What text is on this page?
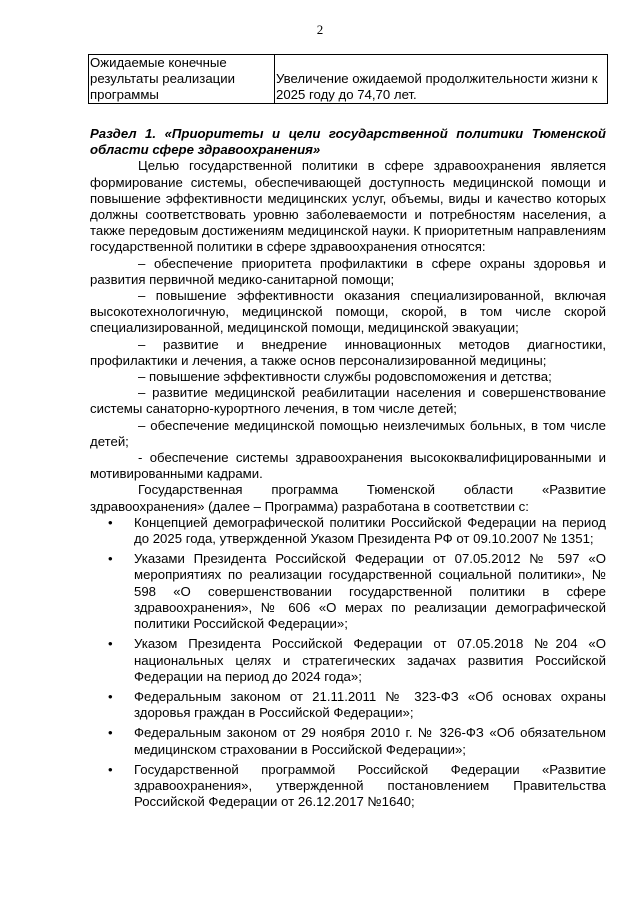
2
Ожидаемые конечные результаты реализации программы	Увеличение ожидаемой продолжительности жизни к 2025 году до 74,70 лет.

Раздел 1. «Приоритеты и цели государственной политики Тюменской области сфере здравоохранения»

Целью государственной политики в сфере здравоохранения является формирование системы, обеспечивающей доступность медицинской помощи и повышение эффективности медицинских услуг, объемы, виды и качество которых должны соответствовать уровню заболеваемости и потребностям населения, а также передовым достижениям медицинской науки. К приоритетным направлениям государственной политики в сфере здравоохранения относятся:

– обеспечение приоритета профилактики в сфере охраны здоровья и развития первичной медико-санитарной помощи;

– повышение эффективности оказания специализированной, включая высокотехнологичную, медицинской помощи, скорой, в том числе скорой специализированной, медицинской помощи, медицинской эвакуации;

– развитие и внедрение инновационных методов диагностики, профилактики и лечения, а также основ персонализированной медицины;

– повышение эффективности службы родовспоможения и детства;

– развитие медицинской реабилитации населения и совершенствование системы санаторно-курортного лечения, в том числе детей;

– обеспечение медицинской помощью неизлечимых больных, в том числе детей;

- обеспечение системы здравоохранения высококвалифицированными и мотивированными кадрами.

Государственная программа Тюменской области «Развитие здравоохранения» (далее – Программа) разработана в соответствии с:

• Концепцией демографической политики Российской Федерации на период до 2025 года, утвержденной Указом Президента РФ от 09.10.2007 № 1351;
• Указами Президента Российской Федерации от 07.05.2012 № 597 «О мероприятиях по реализации государственной социальной политики», № 598 «О совершенствовании государственной политики в сфере здравоохранения», № 606 «О мерах по реализации демографической политики Российской Федерации»;
• Указом Президента Российской Федерации от 07.05.2018 №204 «О национальных целях и стратегических задачах развития Российской Федерации на период до 2024 года»;
• Федеральным законом от 21.11.2011 № 323-ФЗ «Об основах охраны здоровья граждан в Российской Федерации»;
• Федеральным законом от 29 ноября 2010 г. № 326-ФЗ «Об обязательном медицинском страховании в Российской Федерации»;
• Государственной программой Российской Федерации «Развитие здравоохранения», утвержденной постановлением Правительства Российской Федерации от 26.12.2017 №1640;
